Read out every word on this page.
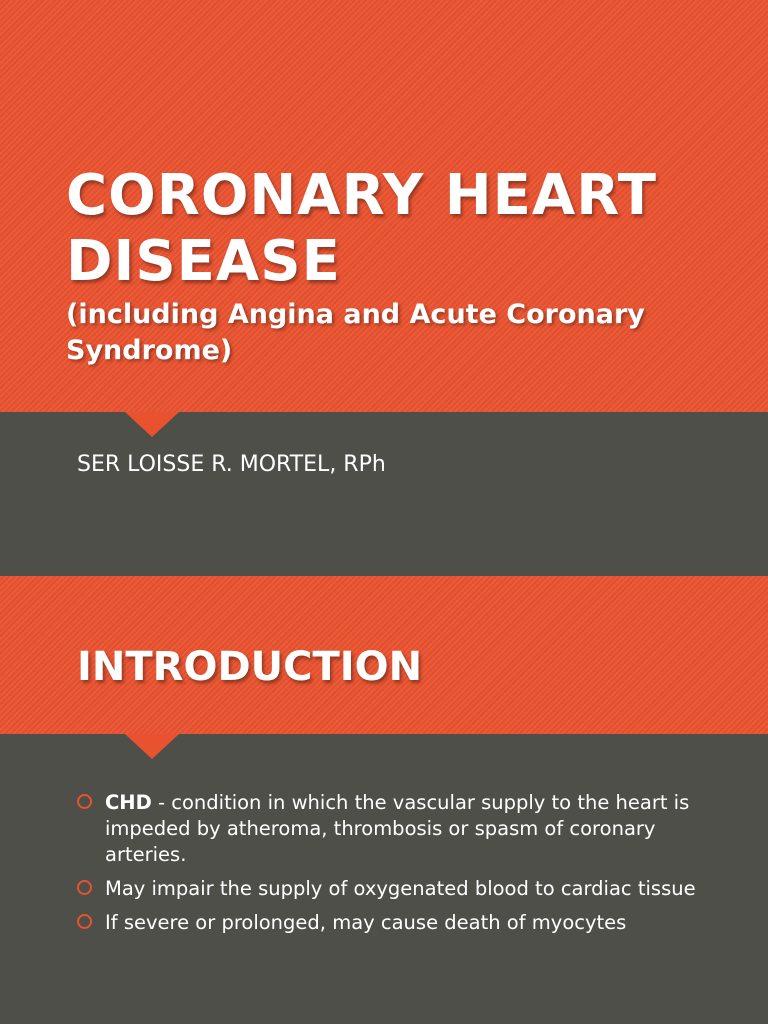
CORONARY HEART DISEASE

(including Angina and Acute Coronary Syndrome)

SER LOISSE R. MORTEL, RPh

INTRODUCTION
CHD - condition in which the vascular supply to the heart is impeded by atheroma, thrombosis or spasm of coronary arteries.
May impair the supply of oxygenated blood to cardiac tissue
If severe or prolonged, may cause death of myocytes
